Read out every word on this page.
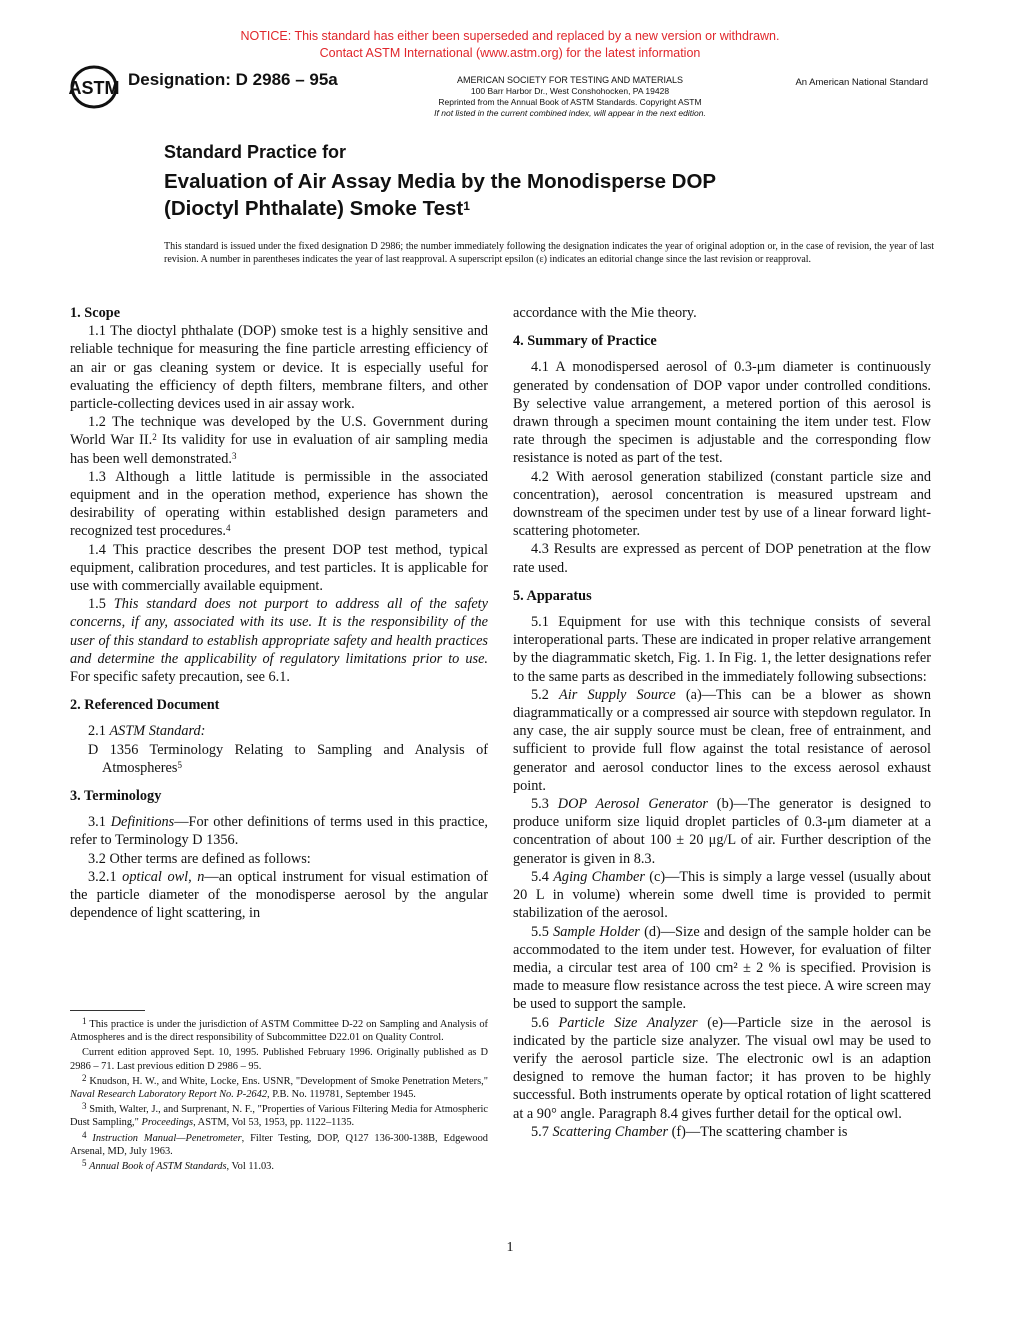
NOTICE: This standard has either been superseded and replaced by a new version or withdrawn.
Contact ASTM International (www.astm.org) for the latest information
ASTM Designation: D 2986 – 95a	AMERICAN SOCIETY FOR TESTING AND MATERIALS
100 Barr Harbor Dr., West Conshohocken, PA 19428
Reprinted from the Annual Book of ASTM Standards. Copyright ASTM
If not listed in the current combined index, will appear in the next edition.
An American National Standard
Standard Practice for
Evaluation of Air Assay Media by the Monodisperse DOP
(Dioctyl Phthalate) Smoke Test$^1$
This standard is issued under the fixed designation D 2986; the number immediately following the designation indicates the year of original adoption or, in the case of revision, the year of last revision. A number in parentheses indicates the year of last reapproval. A superscript epsilon (ε) indicates an editorial change since the last revision or reapproval.
1. Scope

1.1 The dioctyl phthalate (DOP) smoke test is a highly sensitive and reliable technique for measuring the fine particle arresting efficiency of an air or gas cleaning system or device. It is especially useful for evaluating the efficiency of depth filters, membrane filters, and other particle-collecting devices used in air assay work.

1.2 The technique was developed by the U.S. Government during World War II.$^2$ Its validity for use in evaluation of air sampling media has been well demonstrated.$^3$

1.3 Although a little latitude is permissible in the associated equipment and in the operation method, experience has shown the desirability of operating within established design parameters and recognized test procedures.$^4$

1.4 This practice describes the present DOP test method, typical equipment, calibration procedures, and test particles. It is applicable for use with commercially available equipment.

1.5 This standard does not purport to address all of the safety concerns, if any, associated with its use. It is the responsibility of the user of this standard to establish appropriate safety and health practices and determine the applicability of regulatory limitations prior to use. For specific safety precaution, see 6.1.

2. Referenced Document

2.1 ASTM Standard:

D 1356 Terminology Relating to Sampling and Analysis of Atmospheres$^5$

3. Terminology

3.1 Definitions—For other definitions of terms used in this practice, refer to Terminology D 1356.

3.2 Other terms are defined as follows:

3.2.1 optical owl, n—an optical instrument for visual estimation of the particle diameter of the monodisperse aerosol by the angular dependence of light scattering, in

$^1$ This practice is under the jurisdiction of ASTM Committee D-22 on Sampling and Analysis of Atmospheres and is the direct responsibility of Subcommittee D22.01 on Quality Control.

Current edition approved Sept. 10, 1995. Published February 1996. Originally published as D 2986 – 71. Last previous edition D 2986 – 95.

$^2$ Knudson, H. W., and White, Locke, Ens. USNR, "Development of Smoke Penetration Meters," Naval Research Laboratory Report No. P-2642, P.B. No. 119781, September 1945.

$^3$ Smith, Walter, J., and Surprenant, N. F., "Properties of Various Filtering Media for Atmospheric Dust Sampling," Proceedings, ASTM, Vol 53, 1953, pp. 1122–1135.

$^4$ Instruction Manual—Penetrometer, Filter Testing, DOP, Q127 136-300-138B, Edgewood Arsenal, MD, July 1963.

$^5$ Annual Book of ASTM Standards, Vol 11.03.

accordance with the Mie theory.

4. Summary of Practice

4.1 A monodispersed aerosol of 0.3-μm diameter is continuously generated by condensation of DOP vapor under controlled conditions. By selective value arrangement, a metered portion of this aerosol is drawn through a specimen mount containing the item under test. Flow rate through the specimen is adjustable and the corresponding flow resistance is noted as part of the test.

4.2 With aerosol generation stabilized (constant particle size and concentration), aerosol concentration is measured upstream and downstream of the specimen under test by use of a linear forward light-scattering photometer.

4.3 Results are expressed as percent of DOP penetration at the flow rate used.

5. Apparatus

5.1 Equipment for use with this technique consists of several interoperational parts. These are indicated in proper relative arrangement by the diagrammatic sketch, Fig. 1. In Fig. 1, the letter designations refer to the same parts as described in the immediately following subsections:

5.2 Air Supply Source (a)—This can be a blower as shown diagrammatically or a compressed air source with stepdown regulator. In any case, the air supply source must be clean, free of entrainment, and sufficient to provide full flow against the total resistance of aerosol generator and aerosol conductor lines to the excess aerosol exhaust point.

5.3 DOP Aerosol Generator (b)—The generator is designed to produce uniform size liquid droplet particles of 0.3-μm diameter at a concentration of about 100 ± 20 μg/L of air. Further description of the generator is given in 8.3.

5.4 Aging Chamber (c)—This is simply a large vessel (usually about 20 L in volume) wherein some dwell time is provided to permit stabilization of the aerosol.

5.5 Sample Holder (d)—Size and design of the sample holder can be accommodated to the item under test. However, for evaluation of filter media, a circular test area of 100 cm² ± 2 % is specified. Provision is made to measure flow resistance across the test piece. A wire screen may be used to support the sample.

5.6 Particle Size Analyzer (e)—Particle size in the aerosol is indicated by the particle size analyzer. The visual owl may be used to verify the aerosol particle size. The electronic owl is an adaption designed to remove the human factor; it has proven to be highly successful. Both instruments operate by optical rotation of light scattered at a 90° angle. Paragraph 8.4 gives further detail for the optical owl.

5.7 Scattering Chamber (f)—The scattering chamber is

1
